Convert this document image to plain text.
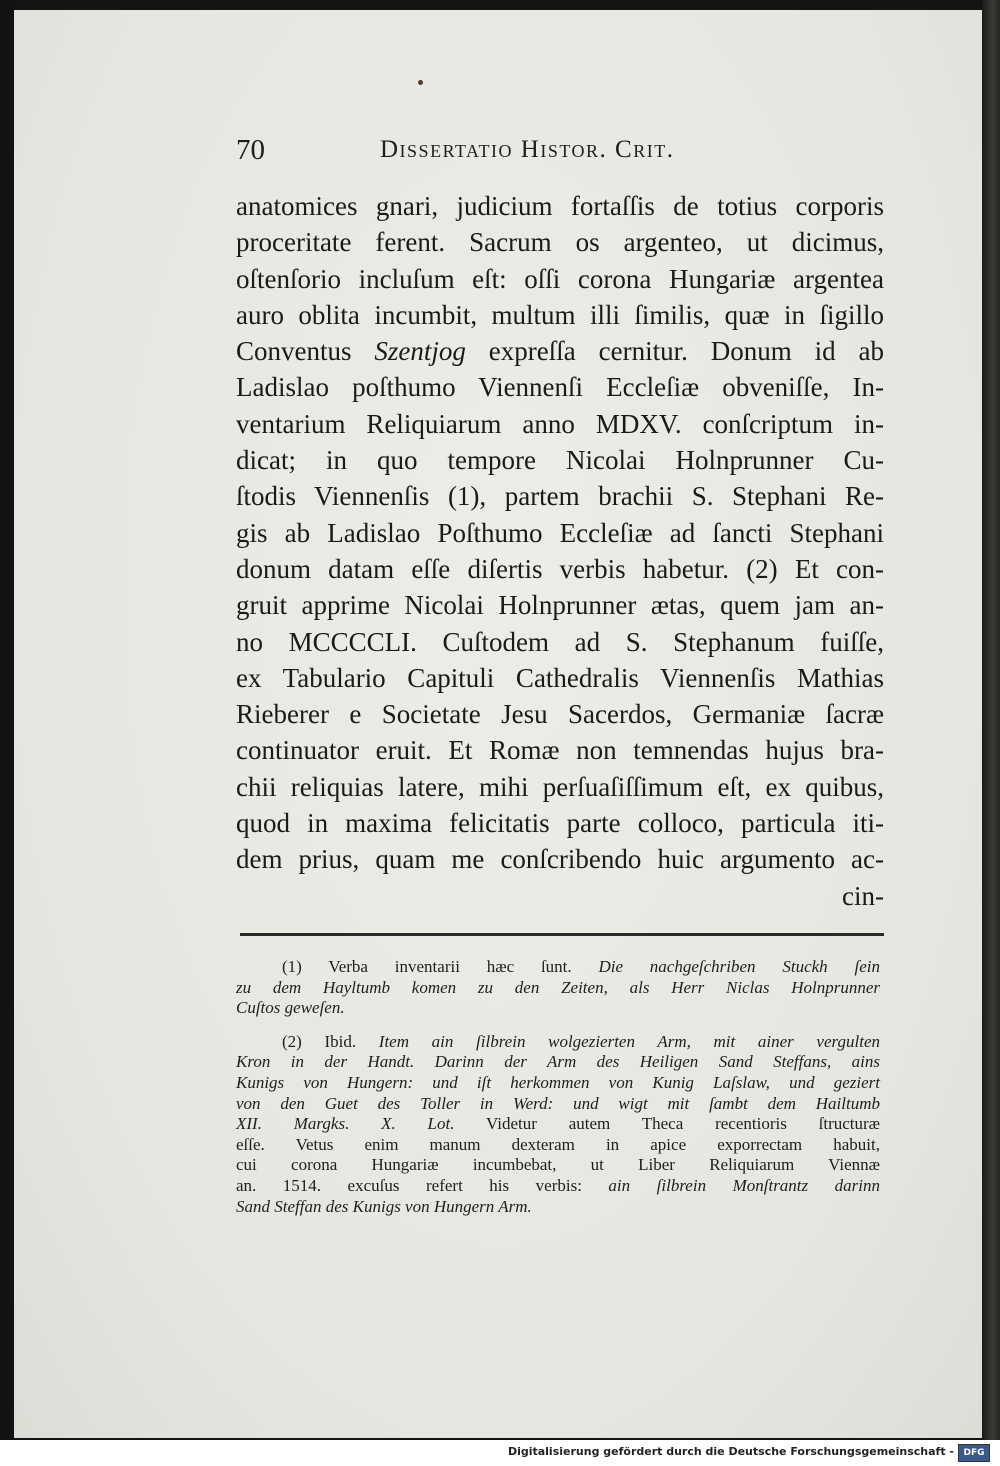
70	Dissertatio Histor. Crit.
anatomices gnari, judicium fortaſſis de totius corporis
proceritate ferent. Sacrum os argenteo, ut dicimus,
oſtenſorio incluſum eſt: oſſi corona Hungariæ argentea
auro oblita incumbit, multum illi ſimilis, quæ in ſigillo
Conventus Szentjog expreſſa cernitur. Donum id ab
Ladislao poſthumo Viennenſi Eccleſiæ obveniſſe, In-
ventarium Reliquiarum anno MDXV. conſcriptum in-
dicat; in quo tempore Nicolai Holnprunner Cu-
ſtodis Viennenſis (1), partem brachii S. Stephani Re-
gis ab Ladislao Poſthumo Eccleſiæ ad ſancti Stephani
donum datam eſſe diſertis verbis habetur. (2) Et con-
gruit apprime Nicolai Holnprunner ætas, quem jam an-
no MCCCCLI. Cuſtodem ad S. Stephanum fuiſſe,
ex Tabulario Capituli Cathedralis Viennenſis Mathias
Rieberer e Societate Jesu Sacerdos, Germaniæ ſacræ
continuator eruit. Et Romæ non temnendas hujus bra-
chii reliquias latere, mihi perſuaſiſſimum eſt, ex quibus,
quod in maxima felicitatis parte colloco, particula iti-
dem prius, quam me conſcribendo huic argumento ac-
cin-
(1) Verba inventarii hæc ſunt. Die nachgeſchriben Stuckh ſein
zu dem Hayltumb komen zu den Zeiten, als Herr Niclas Holnprunner
Cuſtos geweſen.
(2) Ibid. Item ain ſilbrein wolgezierten Arm, mit ainer vergulten
Kron in der Handt. Darinn der Arm des Heiligen Sand Steffans, ains
Kunigs von Hungern: und iſt herkommen von Kunig Laſslaw, und geziert
von den Guet des Toller in Werd: und wigt mit ſambt dem Hailtumb
XII. Margks. X. Lot. Videtur autem Theca recentioris ſtructuræ
eſſe. Vetus enim manum dexteram in apice exporrectam habuit,
cui corona Hungariæ incumbebat, ut Liber Reliquiarum Viennæ
an. 1514. excuſus refert his verbis: ain ſilbrein Monſtrantz darinn
Sand Steffan des Kunigs von Hungern Arm.
Digitalisierung gefördert durch die Deutsche Forschungsgemeinschaft -	DFG
